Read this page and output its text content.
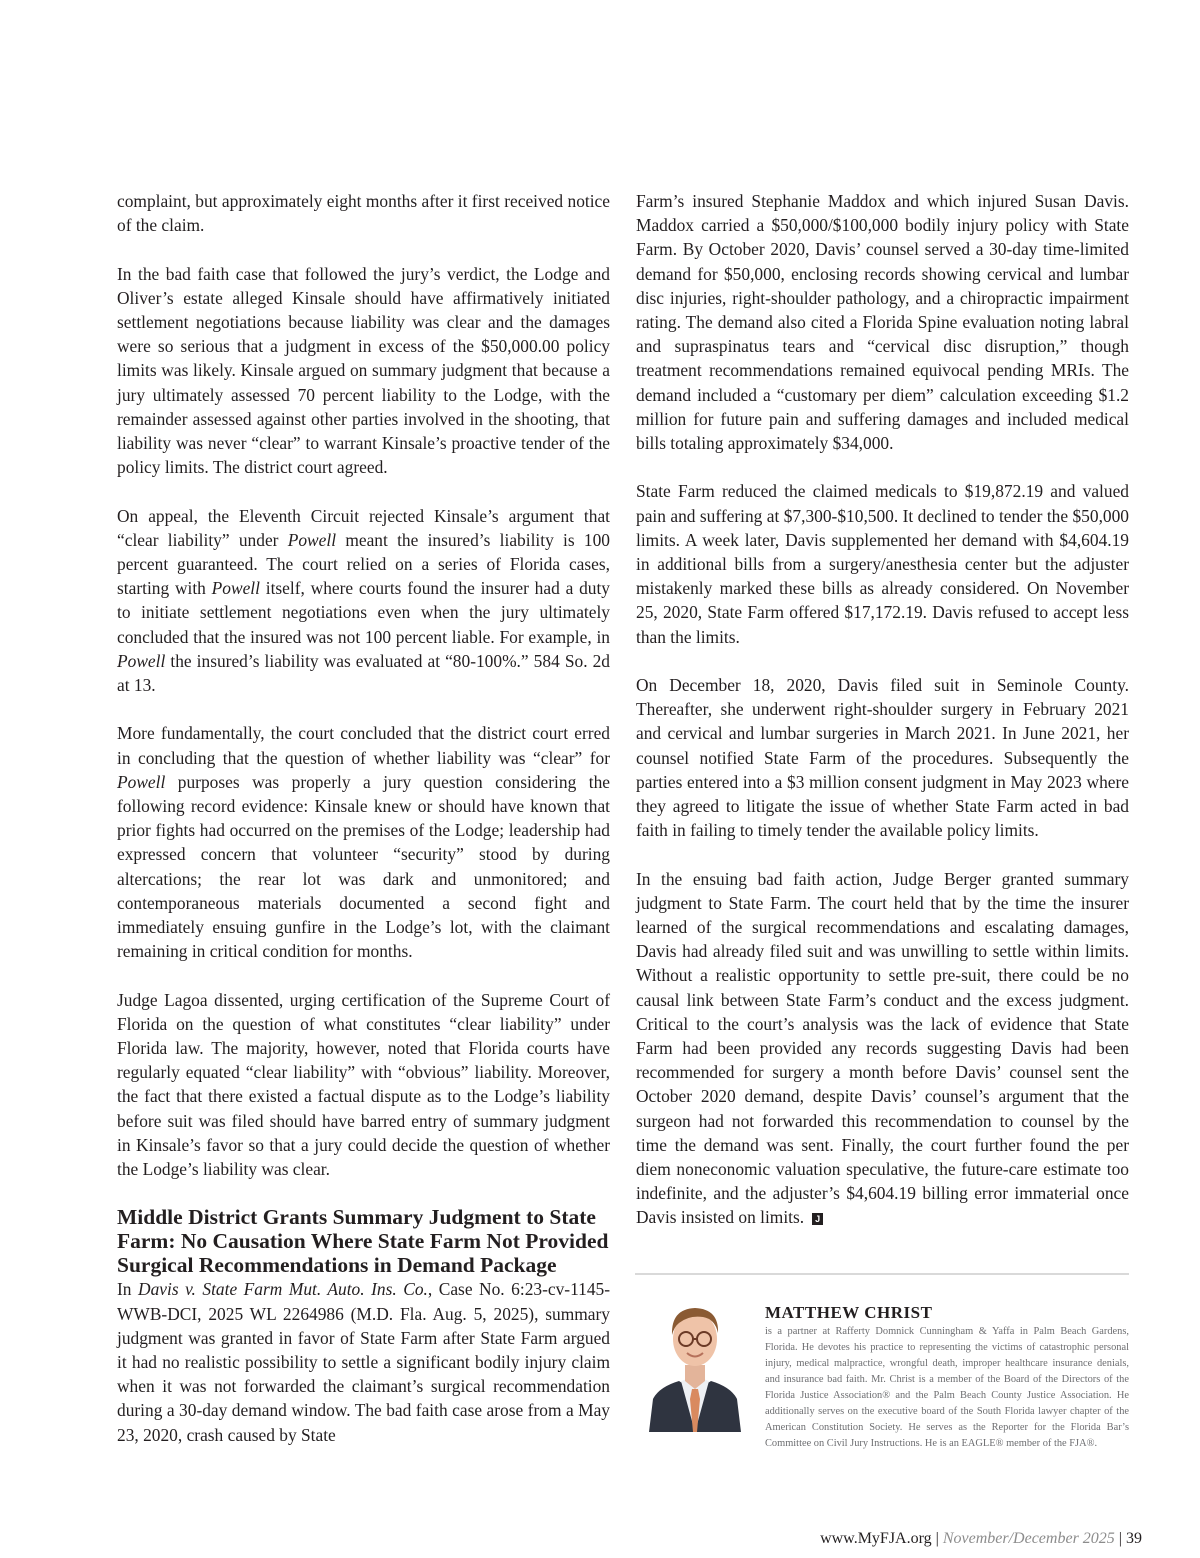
complaint, but approximately eight months after it first received notice of the claim.

In the bad faith case that followed the jury’s verdict, the Lodge and Oliver’s estate alleged Kinsale should have affirmatively initiated settlement negotiations because liability was clear and the damages were so serious that a judgment in excess of the $50,000.00 policy limits was likely. Kinsale argued on summary judgment that because a jury ultimately assessed 70 percent liability to the Lodge, with the remainder assessed against other parties involved in the shooting, that liability was never “clear” to warrant Kinsale’s proactive tender of the policy limits. The district court agreed.

On appeal, the Eleventh Circuit rejected Kinsale’s argument that “clear liability” under Powell meant the insured’s liability is 100 percent guaranteed. The court relied on a series of Florida cases, starting with Powell itself, where courts found the insurer had a duty to initiate settlement negotiations even when the jury ultimately concluded that the insured was not 100 percent liable. For example, in Powell the insured’s liability was evaluated at “80-100%.” 584 So. 2d at 13.

More fundamentally, the court concluded that the district court erred in concluding that the question of whether liability was “clear” for Powell purposes was properly a jury question considering the following record evidence: Kinsale knew or should have known that prior fights had occurred on the premises of the Lodge; leadership had expressed concern that volunteer “security” stood by during altercations; the rear lot was dark and unmonitored; and contemporaneous materials documented a second fight and immediately ensuing gunfire in the Lodge’s lot, with the claimant remaining in critical condition for months.

Judge Lagoa dissented, urging certification of the Supreme Court of Florida on the question of what constitutes “clear liability” under Florida law. The majority, however, noted that Florida courts have regularly equated “clear liability” with “obvious” liability. Moreover, the fact that there existed a factual dispute as to the Lodge’s liability before suit was filed should have barred entry of summary judgment in Kinsale’s favor so that a jury could decide the question of whether the Lodge’s liability was clear.

Middle District Grants Summary Judgment to State Farm: No Causation Where State Farm Not Provided Surgical Recommendations in Demand Package

In Davis v. State Farm Mut. Auto. Ins. Co., Case No. 6:23-cv-1145-WWB-DCI, 2025 WL 2264986 (M.D. Fla. Aug. 5, 2025), summary judgment was granted in favor of State Farm after State Farm argued it had no realistic possibility to settle a significant bodily injury claim when it was not forwarded the claimant’s surgical recommendation during a 30-day demand window. The bad faith case arose from a May 23, 2020, crash caused by State

Farm’s insured Stephanie Maddox and which injured Susan Davis. Maddox carried a $50,000/$100,000 bodily injury policy with State Farm. By October 2020, Davis’ counsel served a 30-day time-limited demand for $50,000, enclosing records showing cervical and lumbar disc injuries, right-shoulder pathology, and a chiropractic impairment rating. The demand also cited a Florida Spine evaluation noting labral and supraspinatus tears and “cervical disc disruption,” though treatment recommendations remained equivocal pending MRIs. The demand included a “customary per diem” calculation exceeding $1.2 million for future pain and suffering damages and included medical bills totaling approximately $34,000.

State Farm reduced the claimed medicals to $19,872.19 and valued pain and suffering at $7,300-$10,500. It declined to tender the $50,000 limits. A week later, Davis supplemented her demand with $4,604.19 in additional bills from a surgery/anesthesia center but the adjuster mistakenly marked these bills as already considered. On November 25, 2020, State Farm offered $17,172.19. Davis refused to accept less than the limits.

On December 18, 2020, Davis filed suit in Seminole County. Thereafter, she underwent right-shoulder surgery in February 2021 and cervical and lumbar surgeries in March 2021. In June 2021, her counsel notified State Farm of the procedures. Subsequently the parties entered into a $3 million consent judgment in May 2023 where they agreed to litigate the issue of whether State Farm acted in bad faith in failing to timely tender the available policy limits.

In the ensuing bad faith action, Judge Berger granted summary judgment to State Farm. The court held that by the time the insurer learned of the surgical recommendations and escalating damages, Davis had already filed suit and was unwilling to settle within limits. Without a realistic opportunity to settle pre-suit, there could be no causal link between State Farm’s conduct and the excess judgment. Critical to the court’s analysis was the lack of evidence that State Farm had been provided any records suggesting Davis had been recommended for surgery a month before Davis’ counsel sent the October 2020 demand, despite Davis’ counsel’s argument that the surgeon had not forwarded this recommendation to counsel by the time the demand was sent. Finally, the court further found the per diem noneconomic valuation speculative, the future-care estimate too indefinite, and the adjuster’s $4,604.19 billing error immaterial once Davis insisted on limits. J

MATTHEW CHRIST
is a partner at Rafferty Domnick Cunningham & Yaffa in Palm Beach Gardens, Florida. He devotes his practice to representing the victims of catastrophic personal injury, medical malpractice, wrongful death, improper healthcare insurance denials, and insurance bad faith. Mr. Christ is a member of the Board of the Directors of the Florida Justice Association® and the Palm Beach County Justice Association. He additionally serves on the executive board of the South Florida lawyer chapter of the American Constitution Society. He serves as the Reporter for the Florida Bar’s Committee on Civil Jury Instructions. He is an EAGLE® member of the FJA®.
www.MyFJA.org | November/December 2025 | 39
